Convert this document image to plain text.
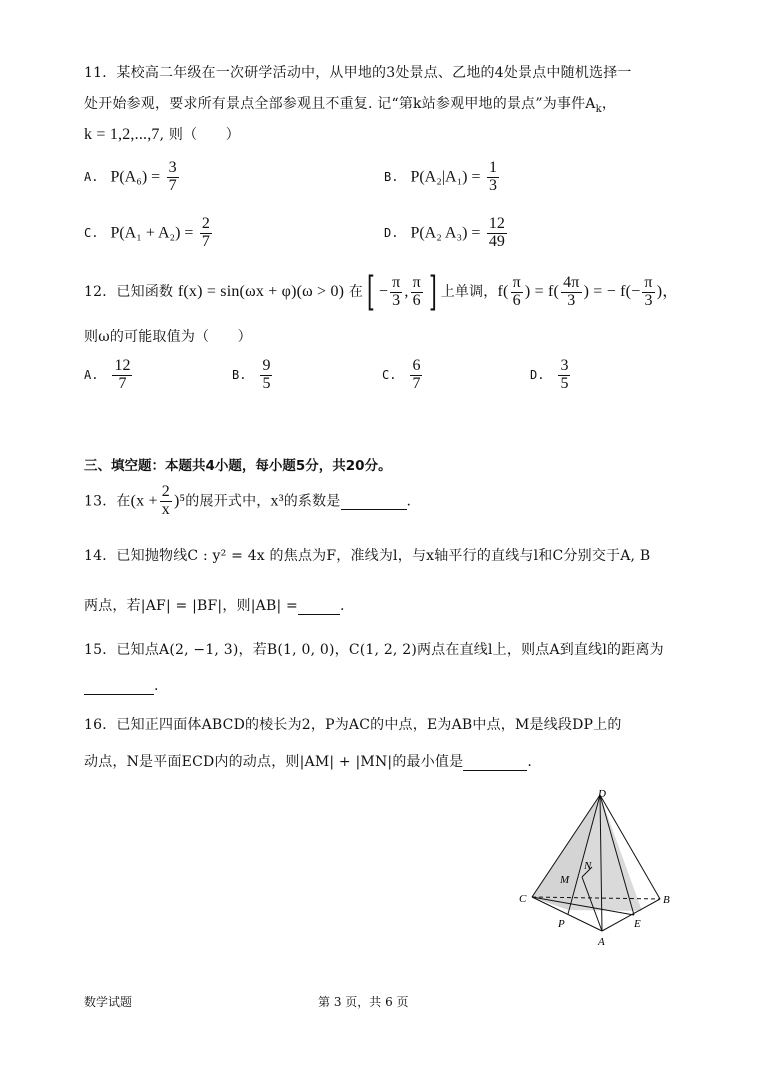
11．某校高二年级在一次研学活动中，从甲地的3处景点、乙地的4处景点中随机选择一
处开始参观，要求所有景点全部参观且不重复. 记“第k站参观甲地的景点”为事件$A_k$，
k = 1,2,...,7, 则（　　）
A. $P(A_6) = \frac{3}{7}$	B. $P(A_2|A_1) = \frac{1}{3}$
C. $P(A_1 + A_2) = \frac{2}{7}$	D. P(A₂ $A_3) = \frac{12}{49}$
12．已知函数 f(x) = sin(ωx + φ)(ω > 0) 在[ − $\frac{\pi}{3}$ , $\frac{\pi}{6}$ ] 上单调，$f( \frac{\pi}{6}$ ) = $f( \frac{4\pi}{3}$ ) = − $f(- \frac{\pi}{3}$ )，
则ω的可能取值为（　　）
A. $\frac{12}{7}$	B. $\frac{9}{5}$	C. $\frac{6}{7}$	D. $\frac{3}{5}$
三、填空题：本题共4小题，每小题5分，共20分。
13．在$(x + \frac{2}{x} )^5$的展开式中，x³的系数是	.
14．已知抛物线C : y² = 4x 的焦点为F，准线为l，与x轴平行的直线与l和C分别交于A, B
两点，若|AF| = |BF|，则|AB| =	.
15．已知点A(2, −1, 3)，若B(1, 0, 0)，C(1, 2, 2)两点在直线l上，则点A到直线l的距离为
.
16．已知正四面体ABCD的棱长为2，P为AC的中点，E为AB中点，M是线段DP上的
动点，N是平面ECD内的动点，则|AM| + |MN|的最小值是	.
D
N
M
C	B
P	E
A
数学试题	第 3 页，共 6 页
